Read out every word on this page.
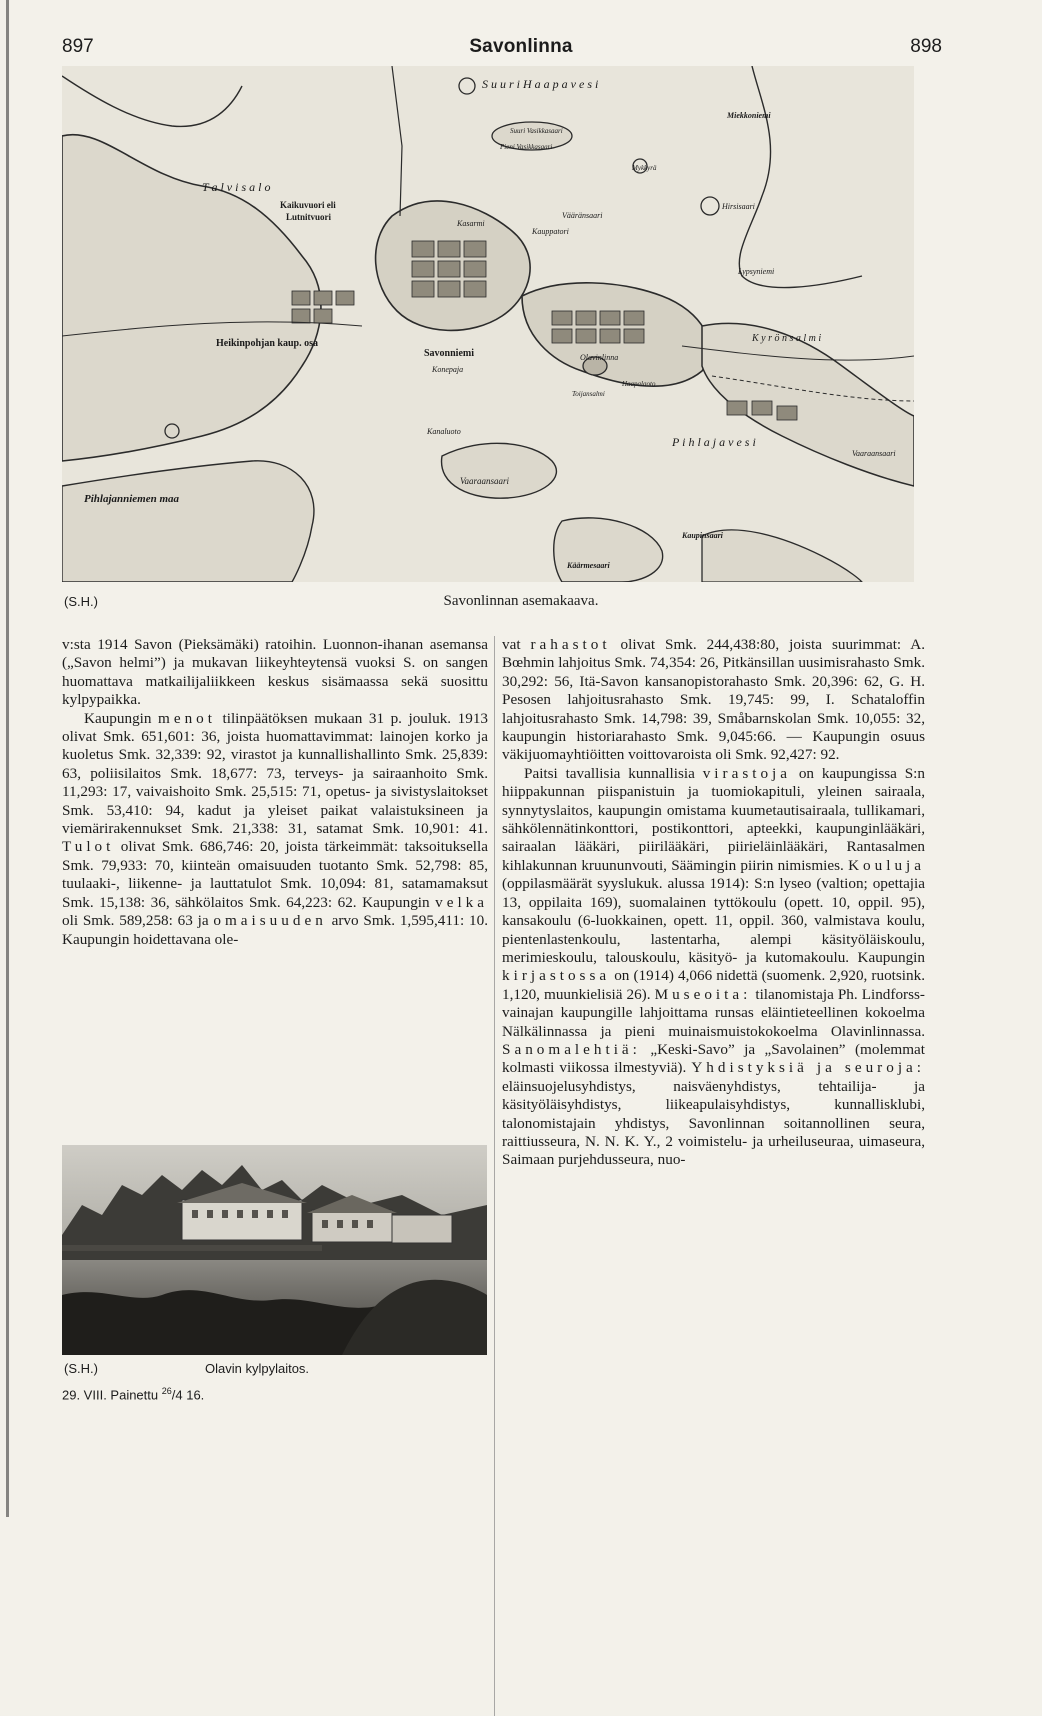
897	Savonlinna	898
S u u r i H a a p a v e s i
T a l v i s a l o
Kaikuvuori eli
Lutnitvuori
Heikinpohjan kaup. osa
Savonniemi
Konepaja
Pihlajanniemen maa
Kanaluoto
Vaaraansaari
Kasarmi
Kauppatori
Vääränsaari
Lypsyniemi
Hirsisaari
Miekkoniemi
Mykkyrä
Suuri Vasikkasaari
Pieni Vasikkasaari
Olavinlinna
Kaupinsaari
Käärmesaari
P i h l a j a v e s i
Haapalaoto
K y r ö n s a l m i
Toijansalmi
Vaaraansaari
(S.H.)	Savonlinnan asemakaava.

v:sta 1914 Savon (Pieksämäki) ratoihin. Luonnon-ihanan asemansa („Savon helmi”) ja mukavan liikeyhteytensä vuoksi S. on sangen huomattava matkailijaliikkeen keskus sisämaassa sekä suosittu kylpypaikka.

Kaupungin menot tilinpäätöksen mukaan 31 p. jouluk. 1913 olivat Smk. 651,601: 36, joista huomattavimmat: lainojen korko ja kuoletus Smk. 32,339: 92, virastot ja kunnallishallinto Smk. 25,839: 63, poliisilaitos Smk. 18,677: 73, terveys- ja sairaanhoito Smk. 11,293: 17, vaivaishoito Smk. 25,515: 71, opetus- ja sivistyslaitokset Smk. 53,410: 94, kadut ja yleiset paikat valaistuksineen ja viemärirakennukset Smk. 21,338: 31, satamat Smk. 10,901: 41. Tulot olivat Smk. 686,746: 20, joista tärkeimmät: taksoituksella Smk. 79,933: 70, kiinteän omaisuuden tuotanto Smk. 52,798: 85, tuulaaki-, liikenne- ja lauttatulot Smk. 10,094: 81, satamamaksut Smk. 15,138: 36, sähkölaitos Smk. 64,223: 62. Kaupungin velka oli Smk. 589,258: 63 ja omaisuuden arvo Smk. 1,595,411: 10. Kaupungin hoidettavana ole-

(S.H.)	Olavin kylpylaitos.
29. VIII. Painettu $^{26}$/4 16.

vat rahastot olivat Smk. 244,438:80, joista suurimmat: A. Bœhmin lahjoitus Smk. 74,354: 26, Pitkänsillan uusimisrahasto Smk. 30,292: 56, Itä-Savon kansanopistorahasto Smk. 20,396: 62, G. H. Pesosen lahjoitusrahasto Smk. 19,745: 99, I. Schataloffin lahjoitusrahasto Smk. 14,798: 39, Småbarnskolan Smk. 10,055: 32, kaupungin historiarahasto Smk. 9,045:66. — Kaupungin osuus väkijuomayhtiöitten voittovaroista oli Smk. 92,427: 92.

Paitsi tavallisia kunnallisia virastoja on kaupungissa S:n hiippakunnan piispanistuin ja tuomiokapituli, yleinen sairaala, synnytyslaitos, kaupungin omistama kuumetautisairaala, tullikamari, sähkölennätinkonttori, postikonttori, apteekki, kaupunginlääkäri, sairaalan lääkäri, piirilääkäri, piirieläinlääkäri, Rantasalmen kihlakunnan kruununvouti, Säämingin piirin nimismies. Kouluja (oppilasmäärät syyslukuk. alussa 1914): S:n lyseo (valtion; opettajia 13, oppilaita 169), suomalainen tyttökoulu (opett. 10, oppil. 95), kansakoulu (6-luokkainen, opett. 11, oppil. 360, valmistava koulu, pientenlastenkoulu, lastentarha, alempi käsityöläiskoulu, merimieskoulu, talouskoulu, käsityö- ja kutomakoulu. Kaupungin kirjastossa on (1914) 4,066 nidettä (suomenk. 2,920, ruotsink. 1,120, muunkielisiä 26). Museoita: tilanomistaja Ph. Lindforss-vainajan kaupungille lahjoittama runsas eläintieteellinen kokoelma Nälkälinnassa ja pieni muinaismuistokokoelma Olavinlinnassa. Sanomalehtiä: „Keski-Savo” ja „Savolainen” (molemmat kolmasti viikossa ilmestyviä). Yhdistyksiä ja seuroja: eläinsuojelusyhdistys, naisväenyhdistys, tehtailija- ja käsityöläisyhdistys, liikeapulaisyhdistys, kunnallisklubi, talonomistajain yhdistys, Savonlinnan soitannollinen seura, raittiusseura, N. N. K. Y., 2 voimistelu- ja urheiluseuraa, uimaseura, Saimaan purjehdusseura, nuo-
